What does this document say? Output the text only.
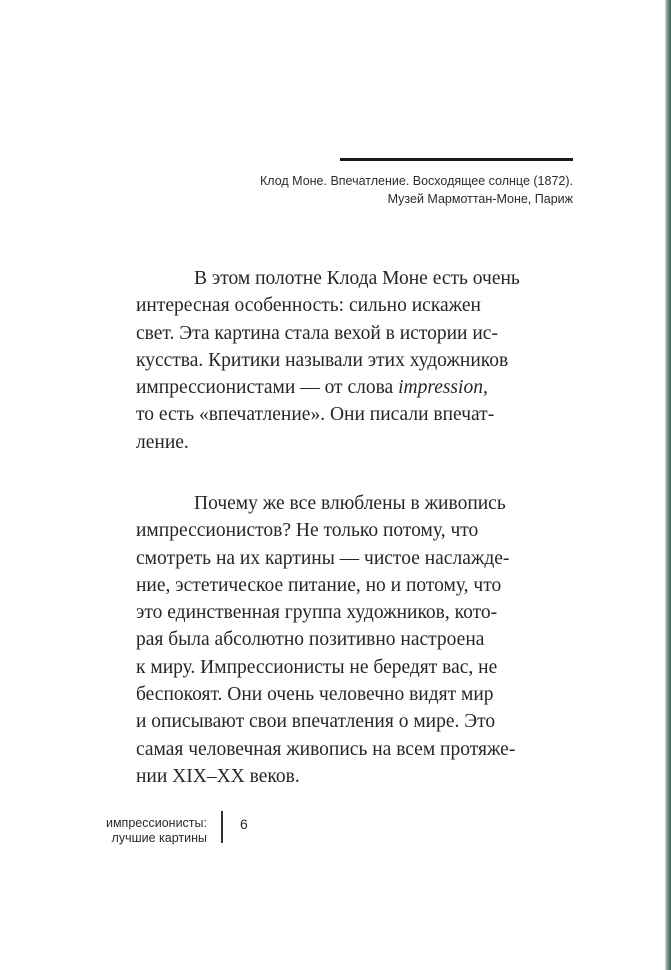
Клод Моне. Впечатление. Восходящее солнце (1872).
Музей Мармоттан-Моне, Париж
В этом полотне Клода Моне есть очень
интересная особенность: сильно искажен
свет. Эта картина стала вехой в истории ис-
кусства. Критики называли этих художников
импрессионистами — от слова impression,
то есть «впечатление». Они писали впечат-
ление.
Почему же все влюблены в живопись
импрессионистов? Не только потому, что
смотреть на их картины — чистое наслажде-
ние, эстетическое питание, но и потому, что
это единственная группа художников, кото-
рая была абсолютно позитивно настроена
к миру. Импрессионисты не бередят вас, не
беспокоят. Они очень человечно видят мир
и описывают свои впечатления о мире. Это
самая человечная живопись на всем протяже-
нии XIX–XX веков.
импрессионисты:
лучшие картины
6
